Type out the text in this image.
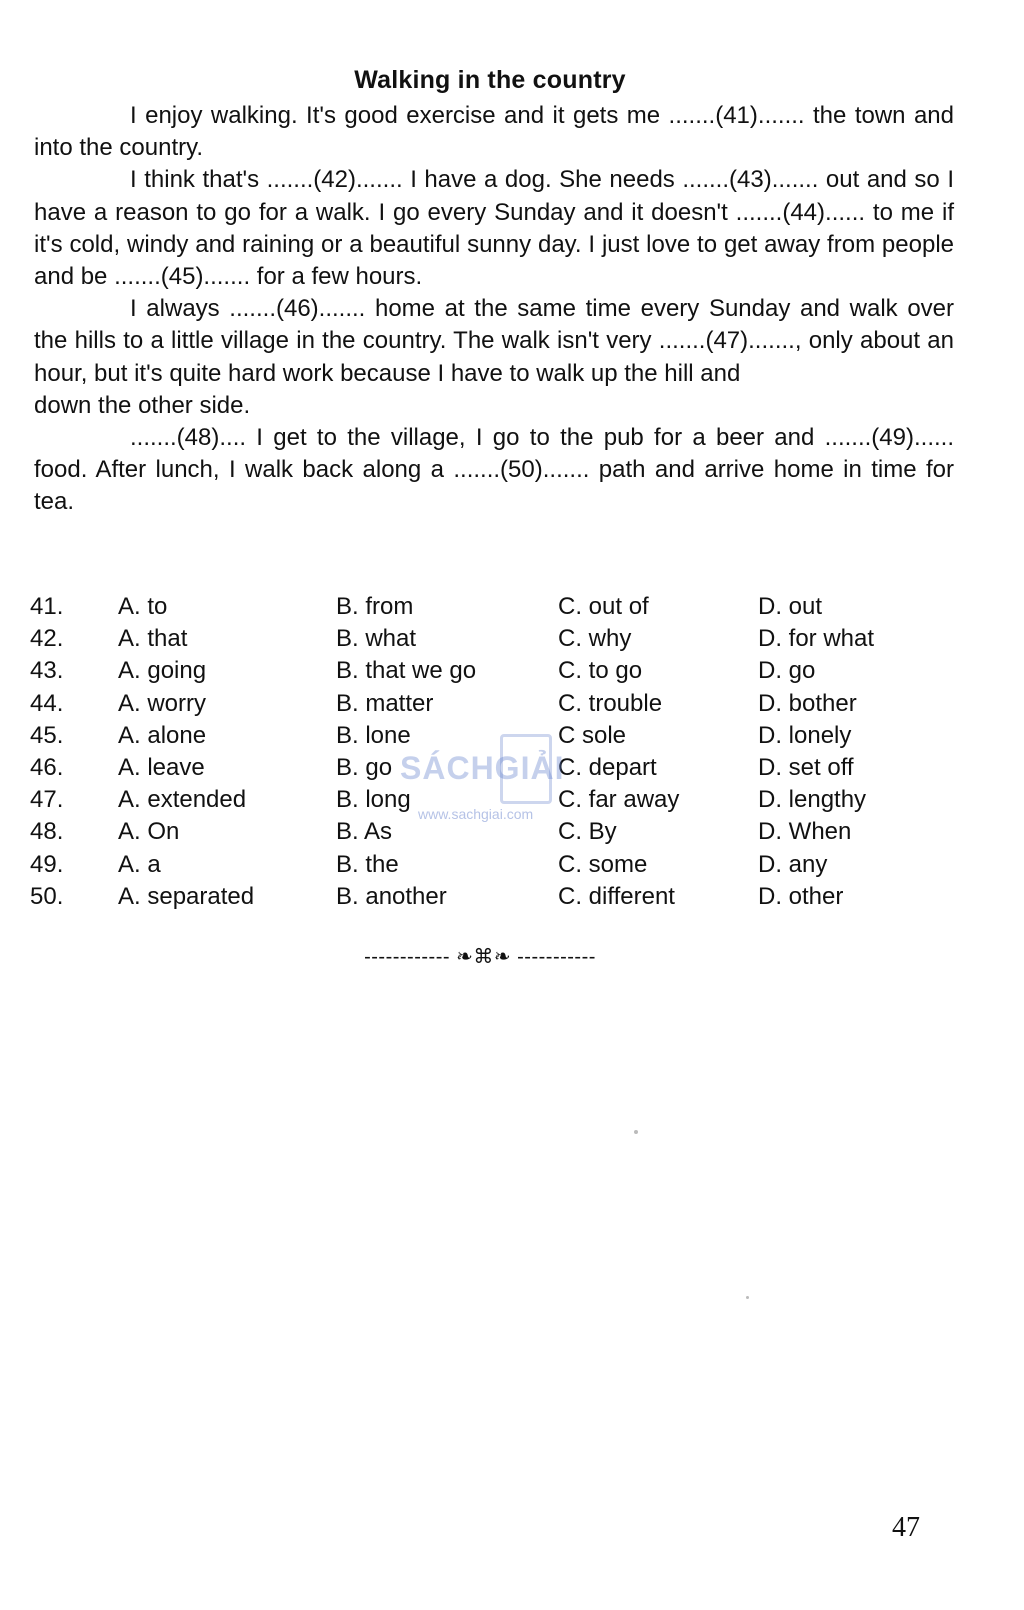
Walking in the country

I enjoy walking. It's good exercise and it gets me .......(41)....... the town and into the country.

I think that's .......(42)....... I have a dog. She needs .......(43)....... out and so I have a reason to go for a walk. I go every Sunday and it doesn't .......(44)...... to me if it's cold, windy and raining or a beautiful sunny day. I just love to get away from people and be .......(45)....... for a few hours.

I always .......(46)....... home at the same time every Sunday and walk over the hills to a little village in the country. The walk isn't very .......(47)......., only about an hour, but it's quite hard work because I have to walk up the hill and

down the other side.

.......(48).... I get to the village, I go to the pub for a beer and .......(49)...... food. After lunch, I walk back along a .......(50)....... path and arrive home in time for tea.

41.	A. to	B. from	C. out of	D. out
42.	A. that	B. what	C. why	D. for what
43.	A. going	B. that we go	C. to go	D. go
44.	A. worry	B. matter	C. trouble	D. bother
45.	A. alone	B. lone	C sole	D. lonely
46.	A. leave	B. go	C. depart	D. set off
47.	A. extended	B. long	C. far away	D. lengthy
48.	A. On	B. As	C. By	D. When
49.	A. a	B. the	C. some	D. any
50.	A. separated	B. another	C. different	D. other
SÁCHGIẢI
www.sachgiai.com
------------ ❧⌘❧ -----------
47
